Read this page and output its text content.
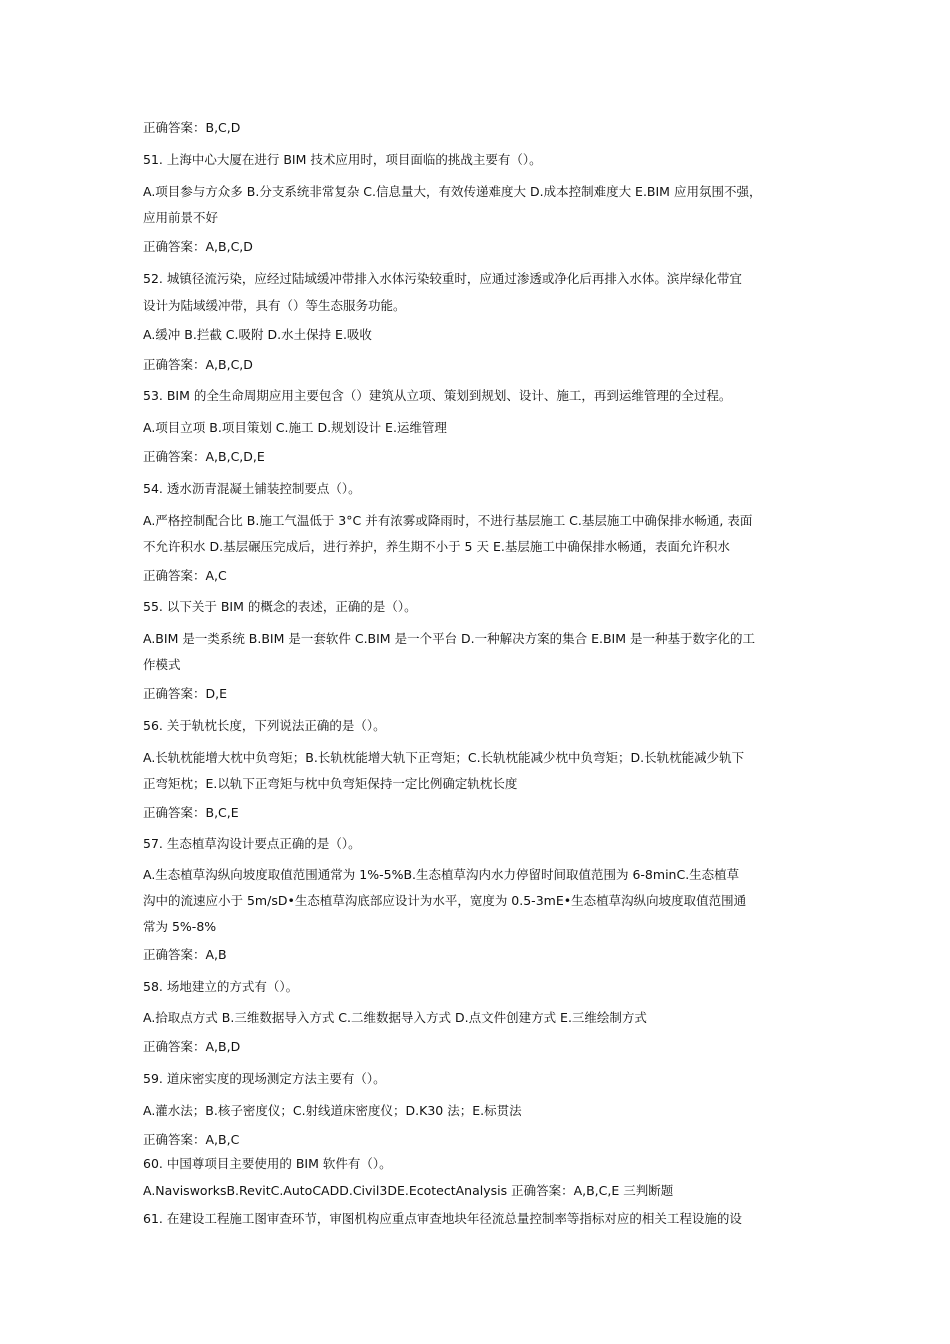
正确答案：B,C,D
51. 上海中心大厦在进行 BIM 技术应用时，项目面临的挑战主要有（）。
A.项目参与方众多 B.分支系统非常复杂 C.信息量大，有效传递难度大 D.成本控制难度大 E.BIM 应用氛围不强，
应用前景不好
正确答案：A,B,C,D
52. 城镇径流污染，应经过陆域缓冲带排入水体污染较重时，应通过渗透或净化后再排入水体。滨岸绿化带宜
设计为陆域缓冲带，具有（）等生态服务功能。
A.缓冲 B.拦截 C.吸附 D.水土保持 E.吸收
正确答案：A,B,C,D
53. BIM 的全生命周期应用主要包含（）建筑从立项、策划到规划、设计、施工，再到运维管理的全过程。
A.项目立项 B.项目策划 C.施工 D.规划设计 E.运维管理
正确答案：A,B,C,D,E
54. 透水沥青混凝土铺装控制要点（）。
A.严格控制配合比 B.施工气温低于 3°C 并有浓雾或降雨时，不进行基层施工 C.基层施工中确保排水畅通, 表面
不允许积水 D.基层碾压完成后，进行养护，养生期不小于 5 天 E.基层施工中确保排水畅通，表面允许积水
正确答案：A,C
55. 以下关于 BIM 的概念的表述，正确的是（）。
A.BIM 是一类系统 B.BIM 是一套软件 C.BIM 是一个平台 D.一种解决方案的集合 E.BIM 是一种基于数字化的工
作模式
正确答案：D,E
56. 关于轨枕长度，下列说法正确的是（）。
A.长轨枕能增大枕中负弯矩；B.长轨枕能增大轨下正弯矩；C.长轨枕能减少枕中负弯矩；D.长轨枕能减少轨下
正弯矩枕；E.以轨下正弯矩与枕中负弯矩保持一定比例确定轨枕长度
正确答案：B,C,E
57. 生态植草沟设计要点正确的是（）。
A.生态植草沟纵向坡度取值范围通常为 1%-5%B.生态植草沟内水力停留时间取值范围为 6-8minC.生态植草
沟中的流速应小于 5m/sD•生态植草沟底部应设计为水平，宽度为 0.5-3mE•生态植草沟纵向坡度取值范围通
常为 5%-8%
正确答案：A,B
58. 场地建立的方式有（）。
A.拾取点方式 B.三维数据导入方式 C.二维数据导入方式 D.点文件创建方式 E.三维绘制方式
正确答案：A,B,D
59. 道床密实度的现场测定方法主要有（）。
A.灌水法；B.核子密度仪；C.射线道床密度仪；D.K30 法；E.标贯法
正确答案：A,B,C
60. 中国尊项目主要使用的 BIM 软件有（）。
A.NavisworksB.RevitC.AutoCADD.Civil3DE.EcotectAnalysis 正确答案：A,B,C,E 三判断题
61. 在建设工程施工图审查环节，审图机构应重点审查地块年径流总量控制率等指标对应的相关工程设施的设
